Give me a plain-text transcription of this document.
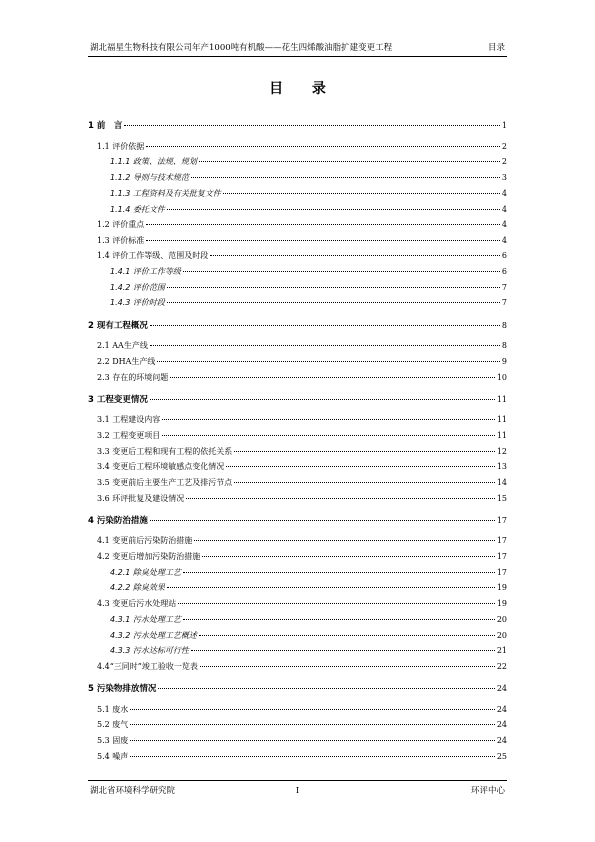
湖北福星生物科技有限公司年产1000吨有机酸——花生四烯酸油脂扩建变更工程	目录
目 录
1 前　言	1
1.1 评价依据	2
1.1.1 政策、法规、规划	2
1.1.2 导则与技术规范	3
1.1.3 工程资料及有关批复文件	4
1.1.4 委托文件	4
1.2 评价重点	4
1.3 评价标准	4
1.4 评价工作等级、范围及时段	6
1.4.1 评价工作等级	6
1.4.2 评价范围	7
1.4.3 评价时段	7
2 现有工程概况	8
2.1 AA生产线	8
2.2 DHA生产线	9
2.3 存在的环境问题	10
3 工程变更情况	11
3.1 工程建设内容	11
3.2 工程变更项目	11
3.3 变更后工程和现有工程的依托关系	12
3.4 变更后工程环境敏感点变化情况	13
3.5 变更前后主要生产工艺及排污节点	14
3.6 环评批复及建设情况	15
4 污染防治措施	17
4.1 变更前后污染防治措施	17
4.2 变更后增加污染防治措施	17
4.2.1 除臭处理工艺	17
4.2.2 除臭效果	19
4.3 变更后污水处理站	19
4.3.1 污水处理工艺	20
4.3.2 污水处理工艺概述	20
4.3.3 污水达标可行性	21
4.4“三同时”竣工验收一览表	22
5 污染物排放情况	24
5.1 废水	24
5.2 废气	24
5.3 固废	24
5.4 噪声	25
湖北省环境科学研究院	I	环评中心
